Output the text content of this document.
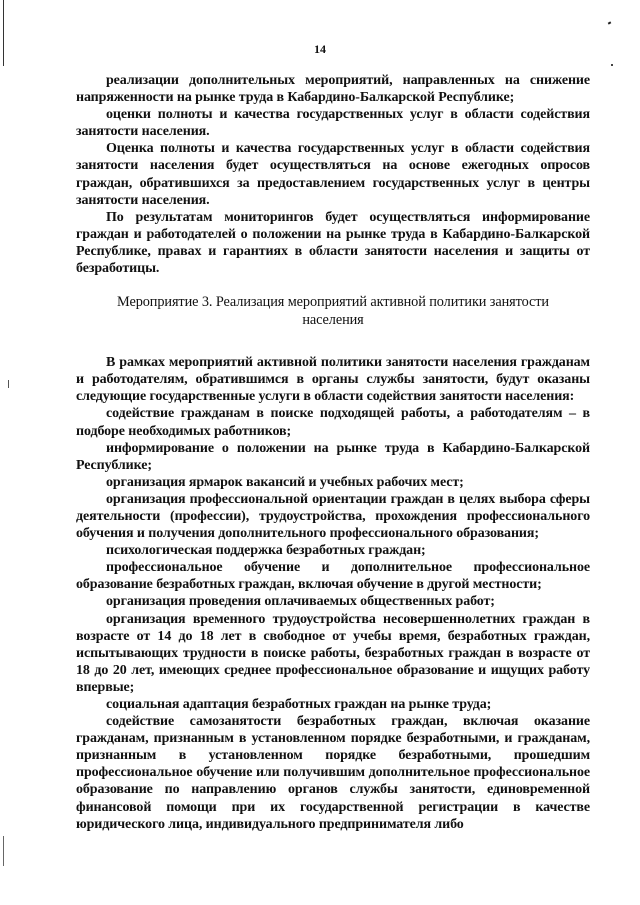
14

реализации дополнительных мероприятий, направленных на снижение напряженности на рынке труда в Кабардино-Балкарской Республике;

оценки полноты и качества государственных услуг в области содействия занятости населения.

Оценка полноты и качества государственных услуг в области содействия занятости населения будет осуществляться на основе ежегодных опросов граждан, обратившихся за предоставлением государственных услуг в центры занятости населения.

По результатам мониторингов будет осуществляться информирование граждан и работодателей о положении на рынке труда в Кабардино-Балкарской Республике, правах и гарантиях в области занятости населения и защиты от безработицы.

Мероприятие 3. Реализация мероприятий активной политики занятости населения

В рамках мероприятий активной политики занятости населения гражданам и работодателям, обратившимся в органы службы занятости, будут оказаны следующие государственные услуги в области содействия занятости населения:

содействие гражданам в поиске подходящей работы, а работодателям – в подборе необходимых работников;

информирование о положении на рынке труда в Кабардино-Балкарской Республике;

организация ярмарок вакансий и учебных рабочих мест;

организация профессиональной ориентации граждан в целях выбора сферы деятельности (профессии), трудоустройства, прохождения профессионального обучения и получения дополнительного профессионального образования;

психологическая поддержка безработных граждан;

профессиональное обучение и дополнительное профессиональное образование безработных граждан, включая обучение в другой местности;

организация проведения оплачиваемых общественных работ;

организация временного трудоустройства несовершеннолетних граждан в возрасте от 14 до 18 лет в свободное от учебы время, безработных граждан, испытывающих трудности в поиске работы, безработных граждан в возрасте от 18 до 20 лет, имеющих среднее профессиональное образование и ищущих работу впервые;

социальная адаптация безработных граждан на рынке труда;

содействие самозанятости безработных граждан, включая оказание гражданам, признанным в установленном порядке безработными, и гражданам, признанным в установленном порядке безработными, прошедшим профессиональное обучение или получившим дополнительное профессиональное образование по направлению органов службы занятости, единовременной финансовой помощи при их государственной регистрации в качестве юридического лица, индивидуального предпринимателя либо
